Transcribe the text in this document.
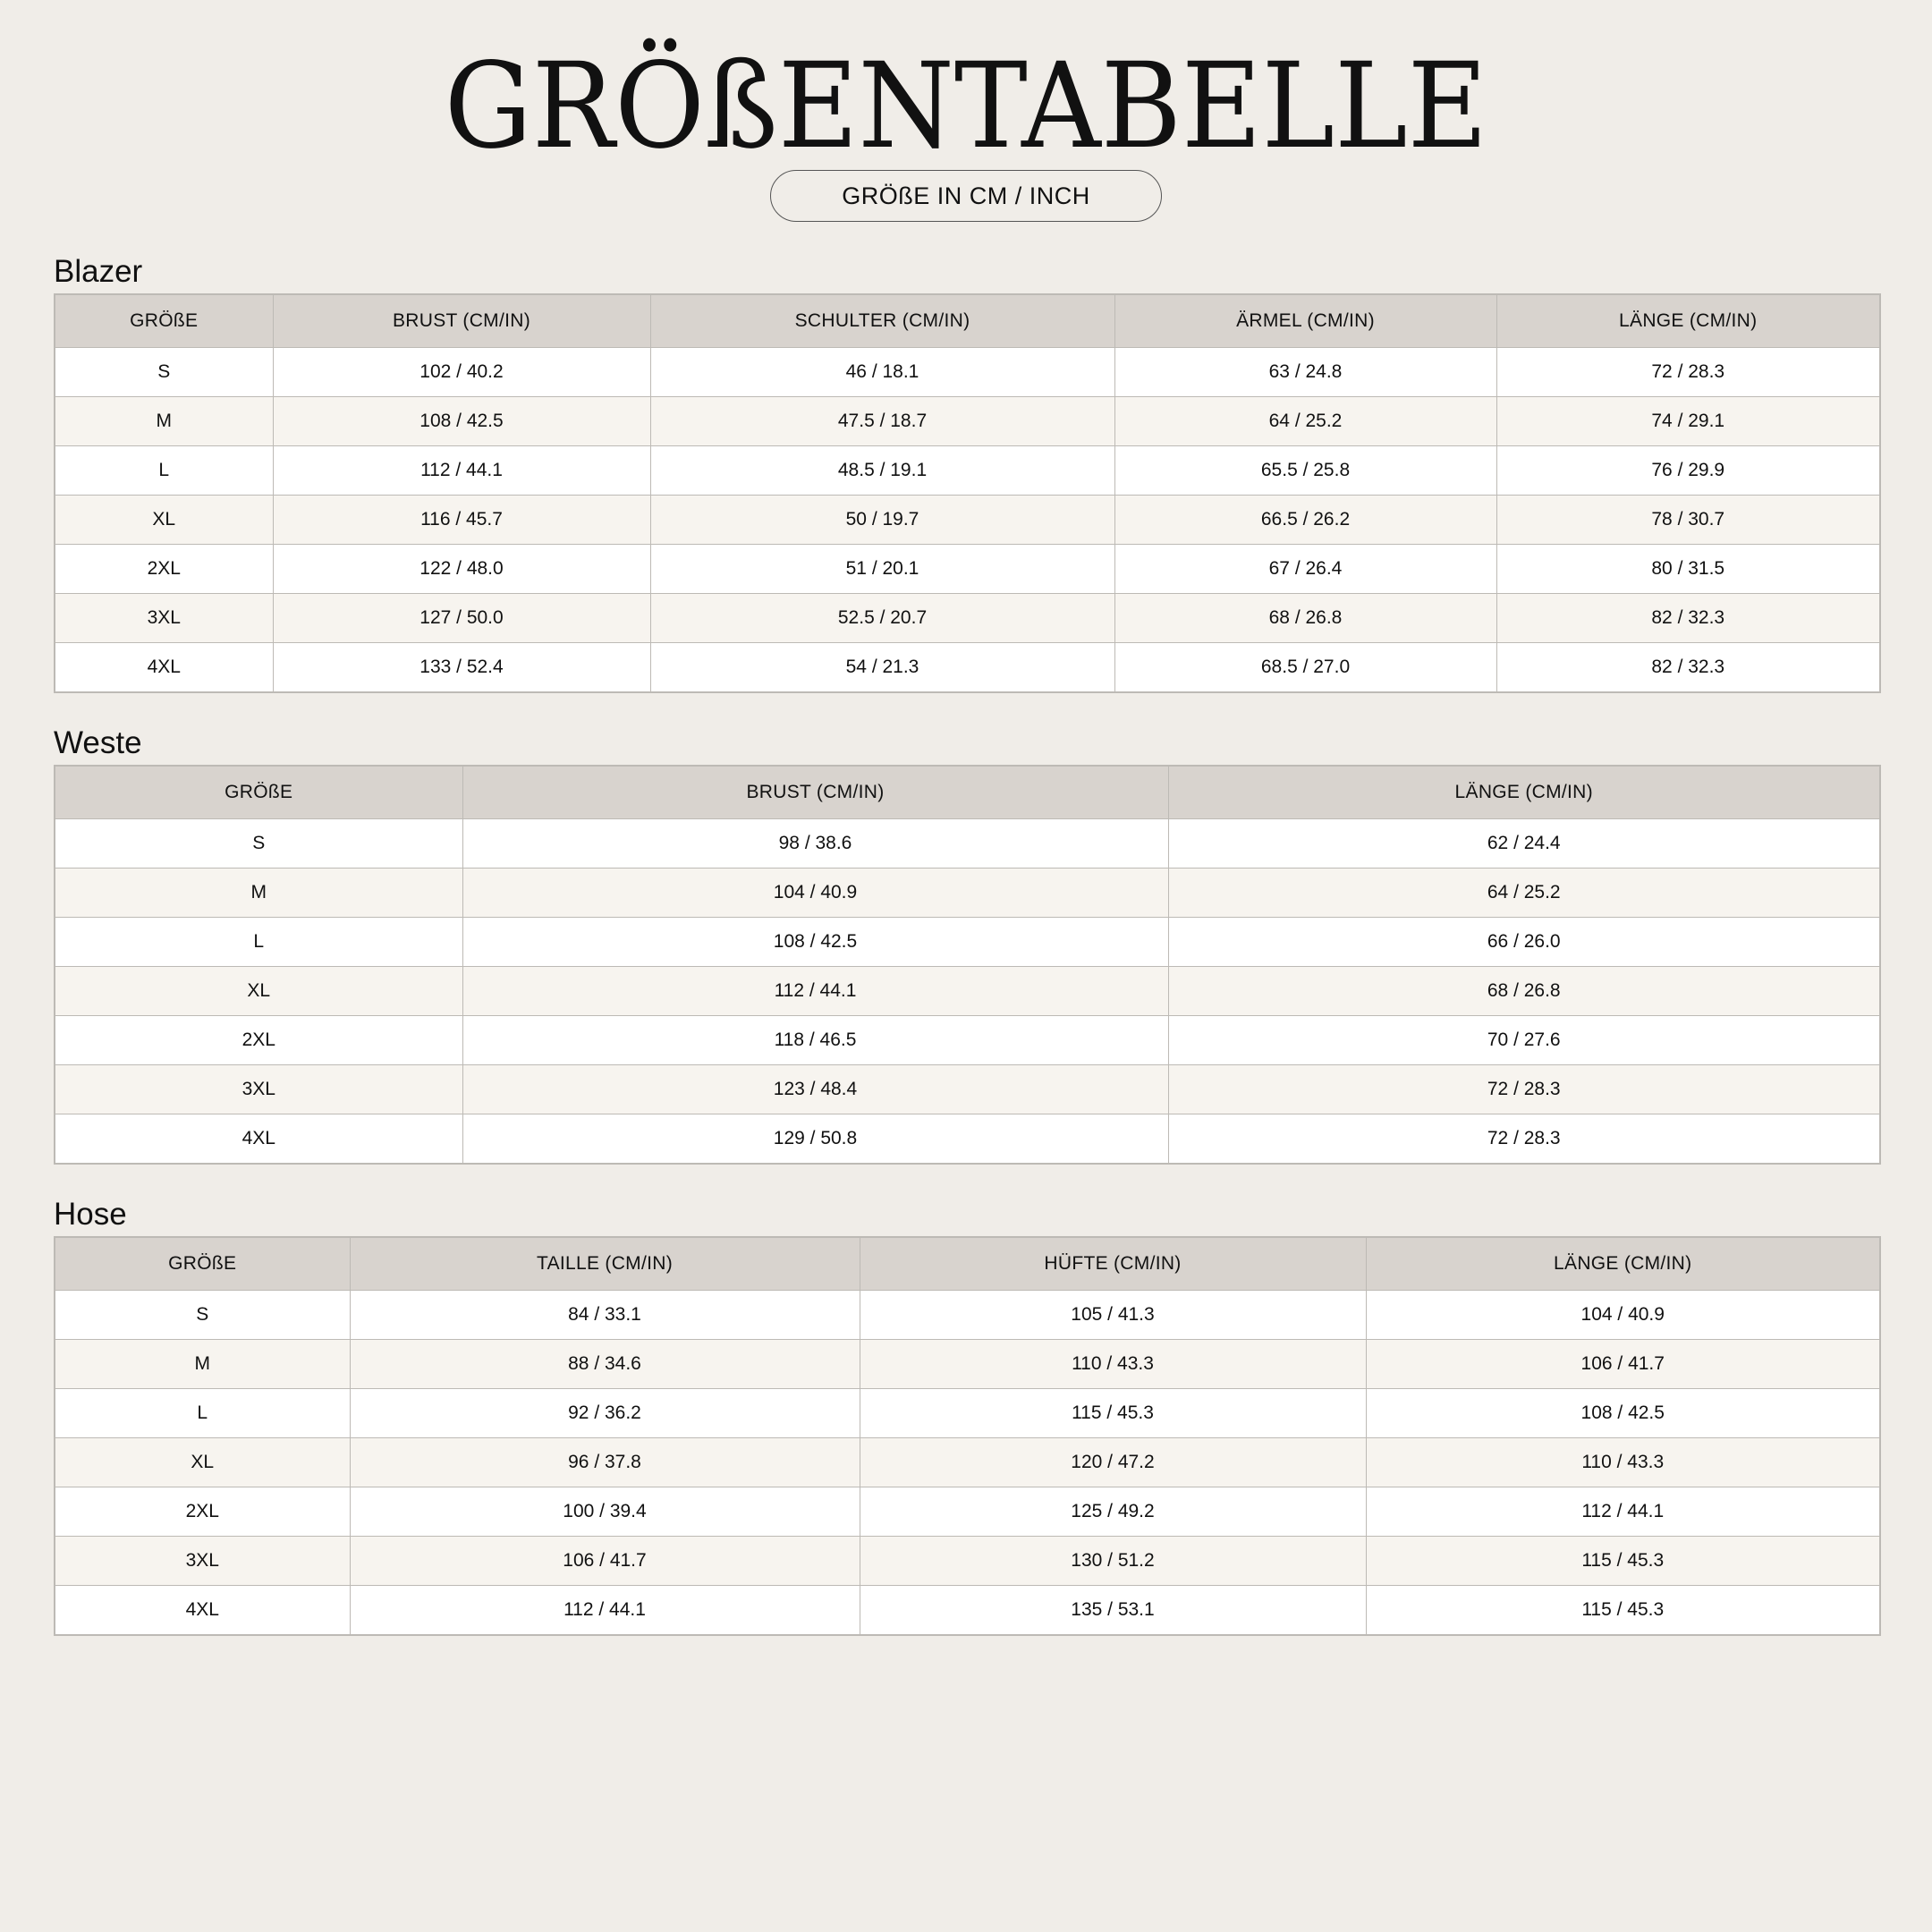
GRÖßENTABELLE
GRÖßE IN CM / INCH
Blazer
GRÖßE	BRUST (CM/IN)	SCHULTER (CM/IN)	ÄRMEL (CM/IN)	LÄNGE (CM/IN)
S	102 / 40.2	46 / 18.1	63 / 24.8	72 / 28.3
M	108 / 42.5	47.5 / 18.7	64 / 25.2	74 / 29.1
L	112 / 44.1	48.5 / 19.1	65.5 / 25.8	76 / 29.9
XL	116 / 45.7	50 / 19.7	66.5 / 26.2	78 / 30.7
2XL	122 / 48.0	51 / 20.1	67 / 26.4	80 / 31.5
3XL	127 / 50.0	52.5 / 20.7	68 / 26.8	82 / 32.3
4XL	133 / 52.4	54 / 21.3	68.5 / 27.0	82 / 32.3
Weste
GRÖßE	BRUST (CM/IN)	LÄNGE (CM/IN)
S	98 / 38.6	62 / 24.4
M	104 / 40.9	64 / 25.2
L	108 / 42.5	66 / 26.0
XL	112 / 44.1	68 / 26.8
2XL	118 / 46.5	70 / 27.6
3XL	123 / 48.4	72 / 28.3
4XL	129 / 50.8	72 / 28.3
Hose
GRÖßE	TAILLE (CM/IN)	HÜFTE (CM/IN)	LÄNGE (CM/IN)
S	84 / 33.1	105 / 41.3	104 / 40.9
M	88 / 34.6	110 / 43.3	106 / 41.7
L	92 / 36.2	115 / 45.3	108 / 42.5
XL	96 / 37.8	120 / 47.2	110 / 43.3
2XL	100 / 39.4	125 / 49.2	112 / 44.1
3XL	106 / 41.7	130 / 51.2	115 / 45.3
4XL	112 / 44.1	135 / 53.1	115 / 45.3
